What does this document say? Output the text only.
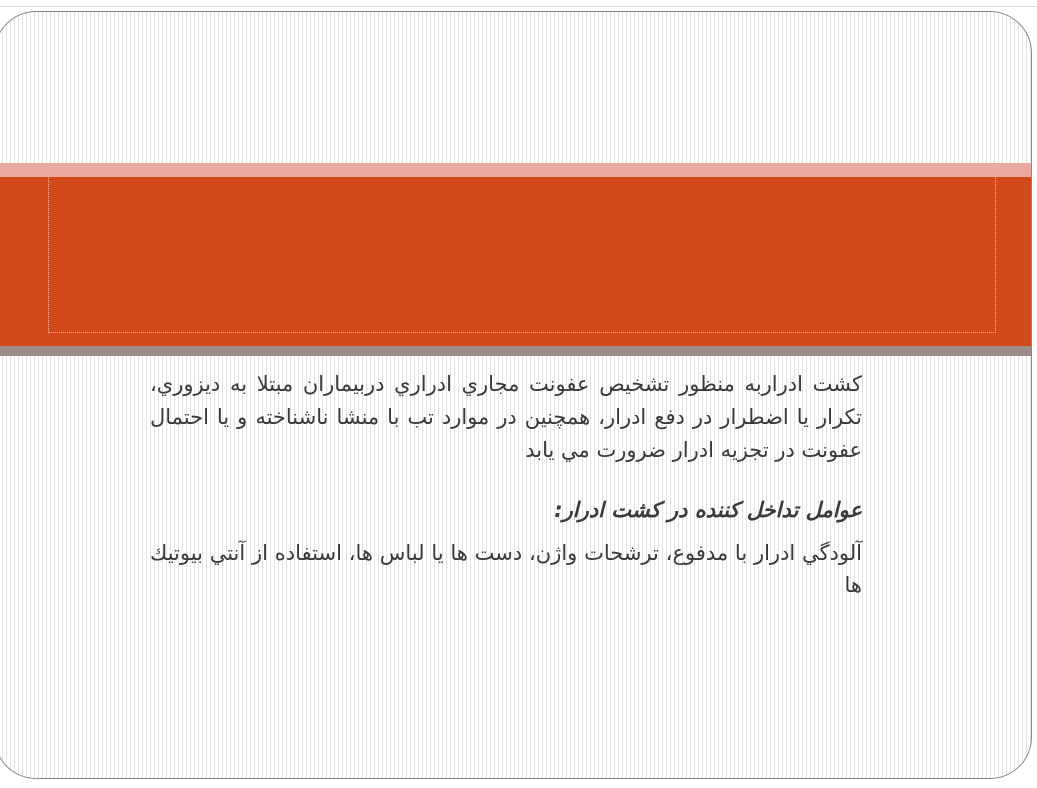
كشت ادراربه منظور تشخيص عفونت مجاري ادراري دربيماران مبتلا به ديزوري، تكرار يا اضطرار در دفع ادرار، همچنين در موارد تب با منشا ناشناخته و يا احتمال عفونت در تجزيه ادرار ضرورت مي يابد

عوامل تداخل كننده در كشت ادرار:

آلودگي ادرار با مدفوع، ترشحات واژن، دست ها يا لباس ها، استفاده از آنتي بيوتيك ها
